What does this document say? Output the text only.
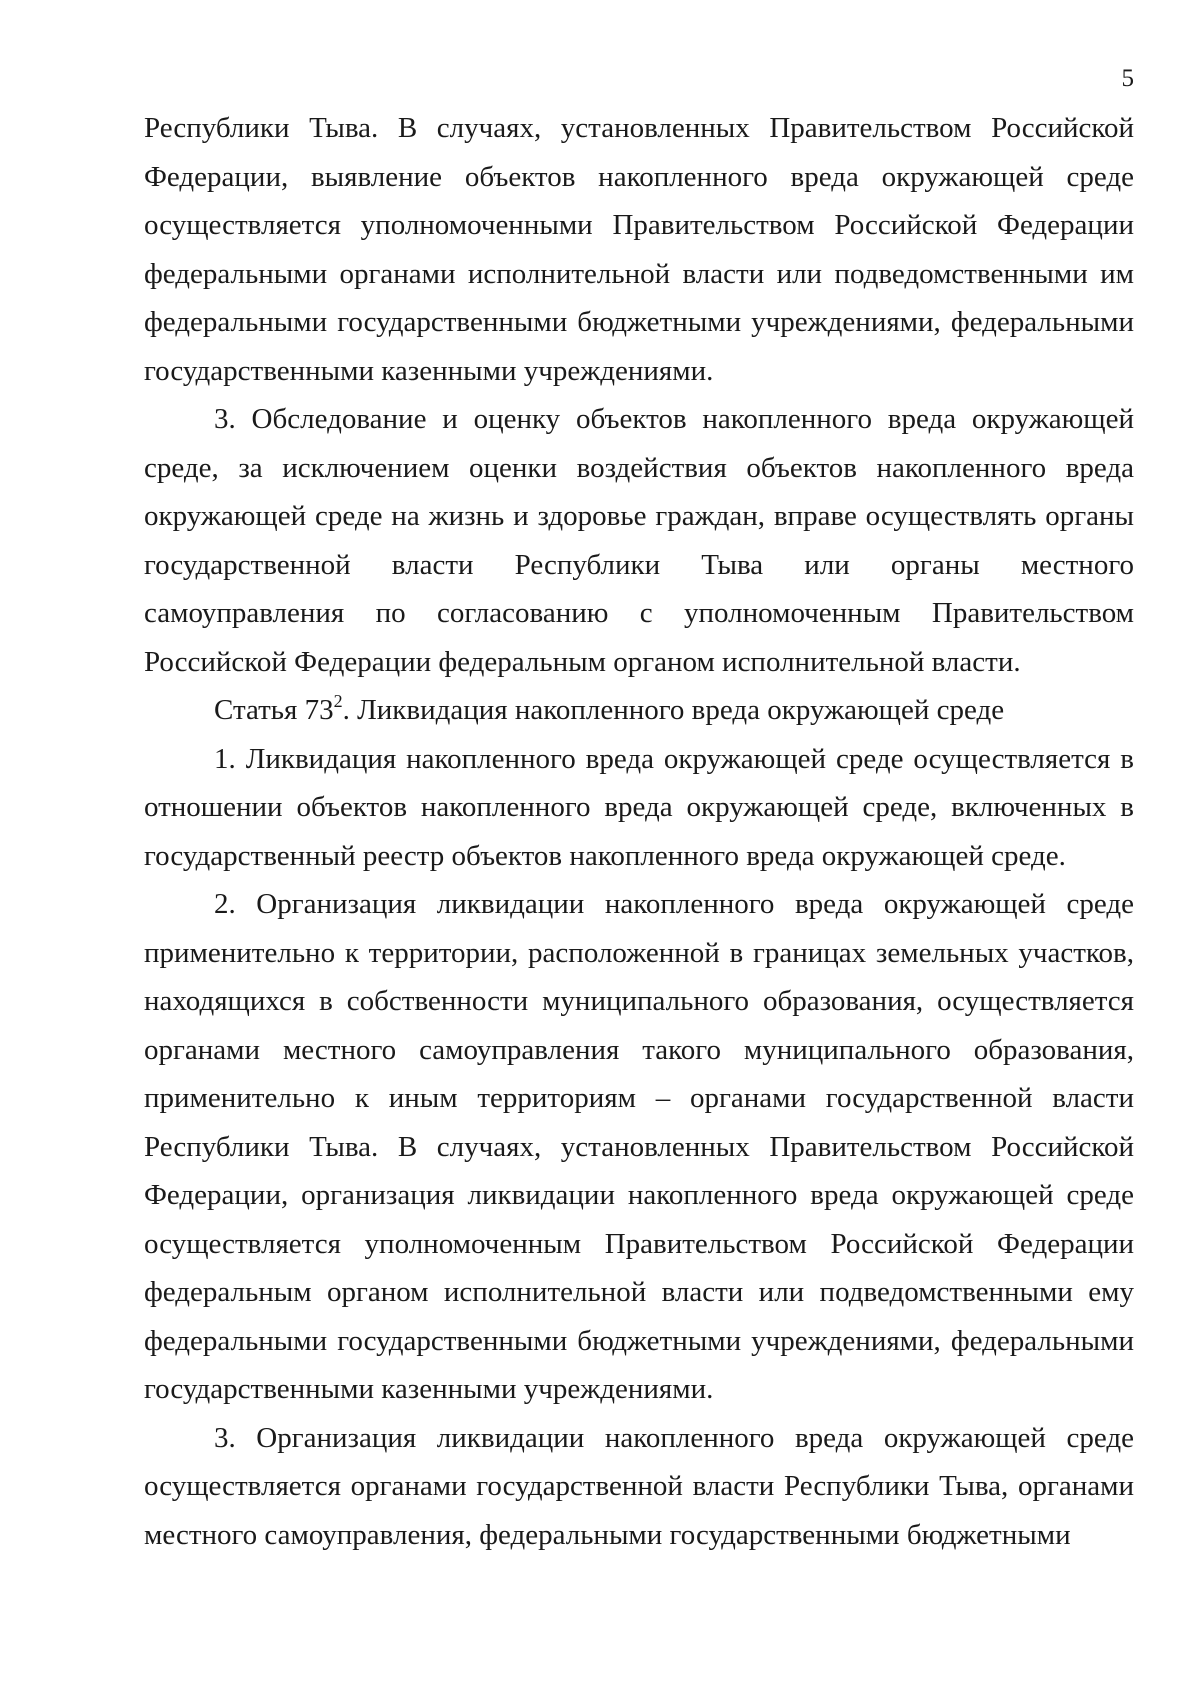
5

Республики Тыва. В случаях, установленных Правительством Российской Федерации, выявление объектов накопленного вреда окружающей среде осуществляется уполномоченными Правительством Российской Федерации федеральными органами исполнительной власти или подведомственными им федеральными государственными бюджетными учреждениями, федеральными государственными казенными учреждениями.

3. Обследование и оценку объектов накопленного вреда окружающей среде, за исключением оценки воздействия объектов накопленного вреда окружающей среде на жизнь и здоровье граждан, вправе осуществлять органы государственной власти Республики Тыва или органы местного самоуправления по согласованию с уполномоченным Правительством Российской Федерации федеральным органом исполнительной власти.

Статья $73^2$. Ликвидация накопленного вреда окружающей среде

1. Ликвидация накопленного вреда окружающей среде осуществляется в отношении объектов накопленного вреда окружающей среде, включенных в государственный реестр объектов накопленного вреда окружающей среде.

2. Организация ликвидации накопленного вреда окружающей среде применительно к территории, расположенной в границах земельных участков, находящихся в собственности муниципального образования, осуществляется органами местного самоуправления такого муниципального образования, применительно к иным территориям – органами государственной власти Республики Тыва. В случаях, установленных Правительством Российской Федерации, организация ликвидации накопленного вреда окружающей среде осуществляется уполномоченным Правительством Российской Федерации федеральным органом исполнительной власти или подведомственными ему федеральными государственными бюджетными учреждениями, федеральными государственными казенными учреждениями.

3. Организация ликвидации накопленного вреда окружающей среде осуществляется органами государственной власти Республики Тыва, органами местного самоуправления, федеральными государственными бюджетными
